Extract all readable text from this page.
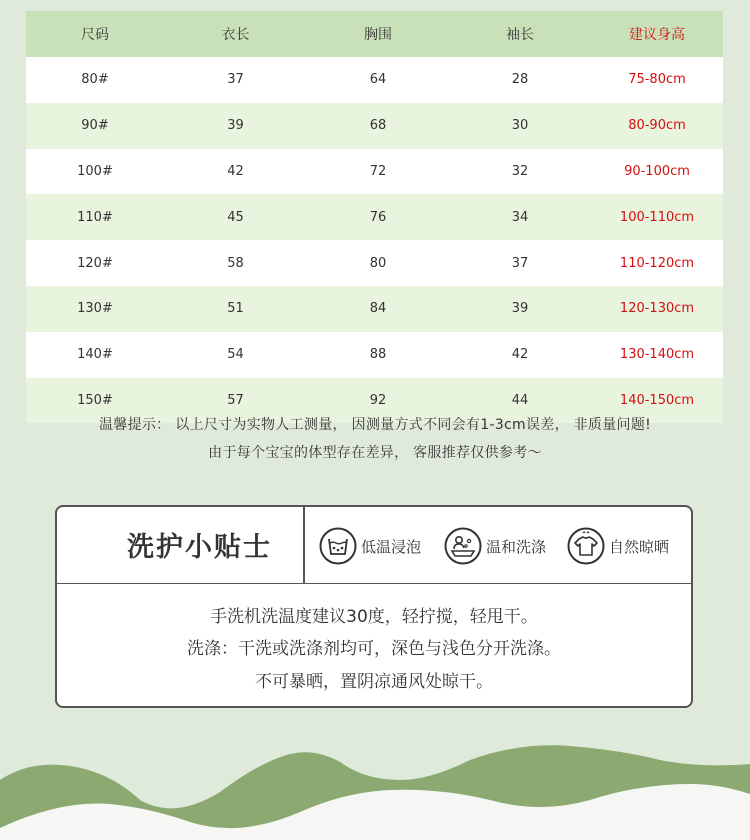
尺码	衣长	胸围	袖长	建议身高
80#	37	64	28	75-80cm
90#	39	68	30	80-90cm
100#	42	72	32	90-100cm
110#	45	76	34	100-110cm
120#	58	80	37	110-120cm
130#	51	84	39	120-130cm
140#	54	88	42	130-140cm
150#	57	92	44	140-150cm
温馨提示： 以上尺寸为实物人工测量， 因测量方式不同会有1-3cm误差， 非质量问题!
由于每个宝宝的体型存在差异， 客服推荐仅供参考～
洗护小贴士	低温浸泡	温和洗涤	自然晾晒
手洗机洗温度建议30度，轻拧搅，轻甩干。
洗涤：干洗或洗涤剂均可，深色与浅色分开洗涤。
不可暴晒，置阴凉通风处晾干。
